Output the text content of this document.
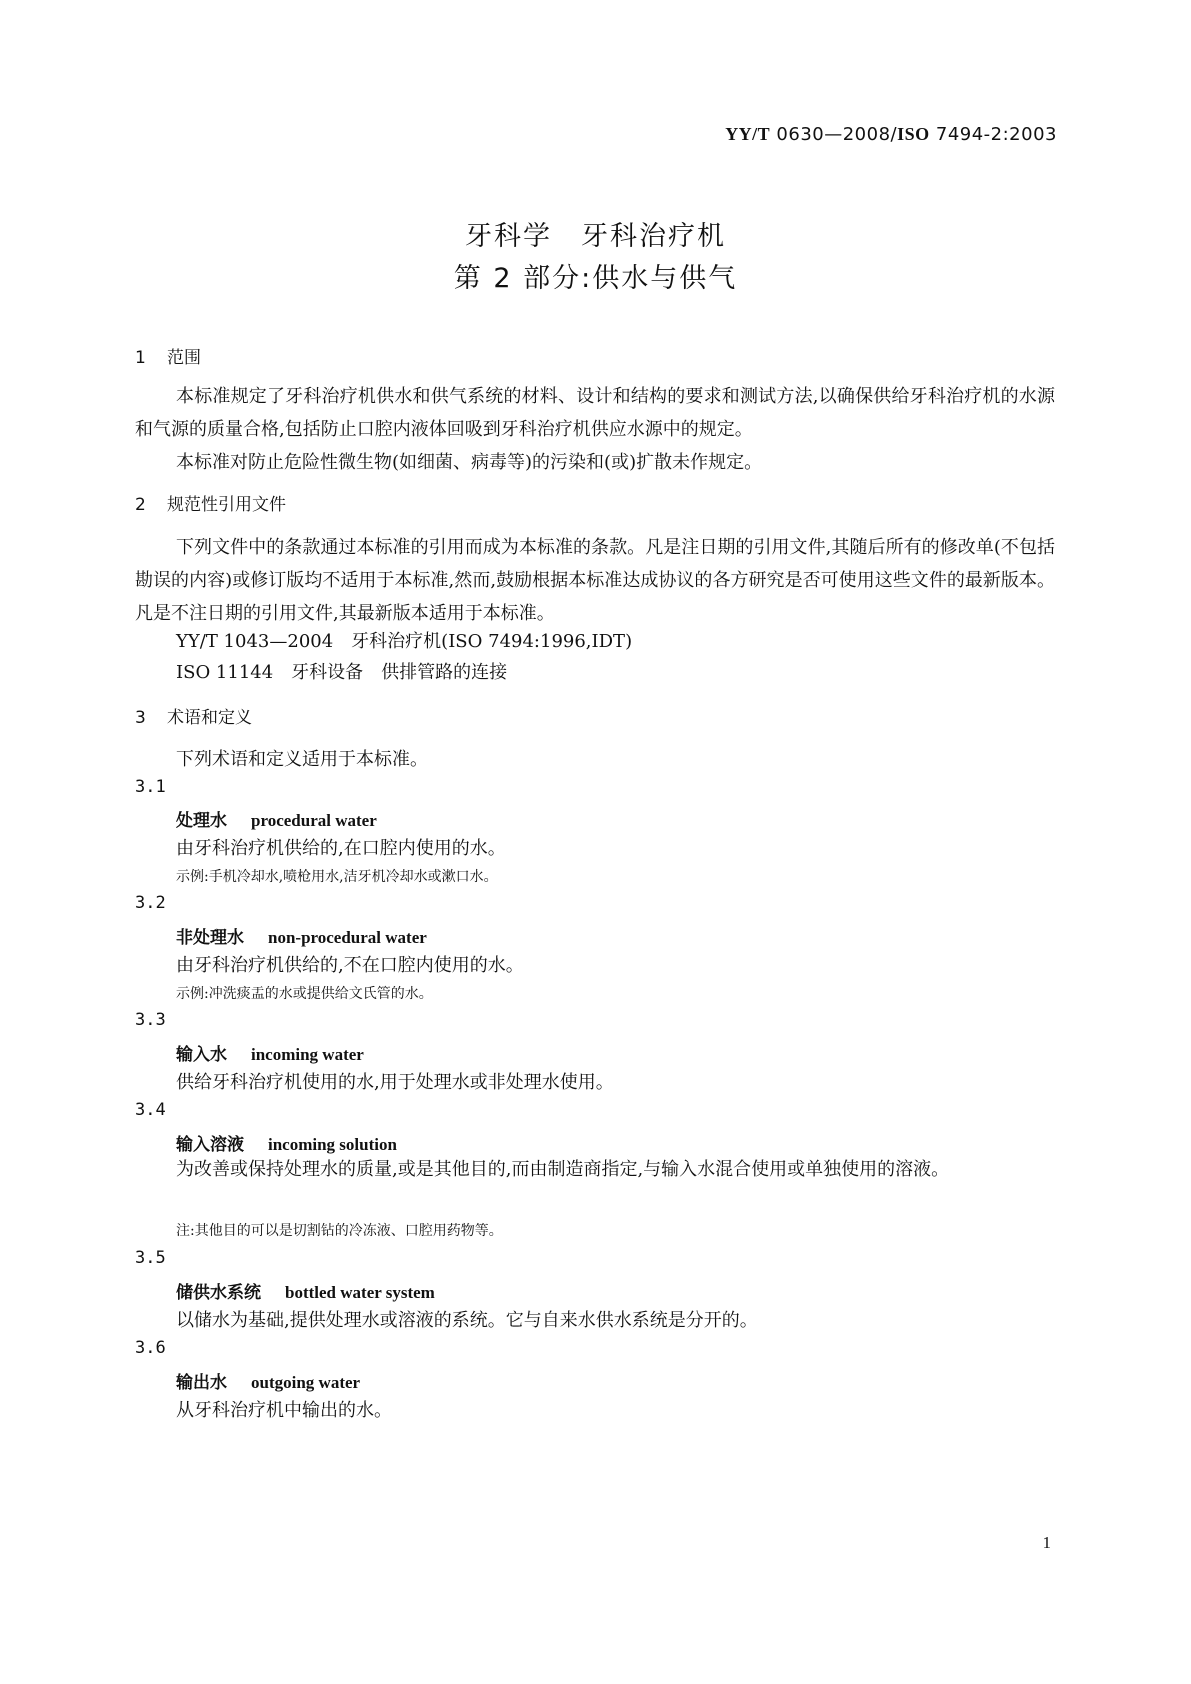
YY/T 0630—2008/ISO 7494-2:2003
牙科学　牙科治疗机
第 2 部分:供水与供气
1 范围
本标准规定了牙科治疗机供水和供气系统的材料、设计和结构的要求和测试方法,以确保供给牙科治疗机的水源和气源的质量合格,包括防止口腔内液体回吸到牙科治疗机供应水源中的规定。
本标准对防止危险性微生物(如细菌、病毒等)的污染和(或)扩散未作规定。
2 规范性引用文件
下列文件中的条款通过本标准的引用而成为本标准的条款。凡是注日期的引用文件,其随后所有的修改单(不包括勘误的内容)或修订版均不适用于本标准,然而,鼓励根据本标准达成协议的各方研究是否可使用这些文件的最新版本。凡是不注日期的引用文件,其最新版本适用于本标准。
YY/T 1043—2004　牙科治疗机(ISO 7494:1996,IDT)
ISO 11144　牙科设备　供排管路的连接
3 术语和定义
下列术语和定义适用于本标准。
3.1
处理水 procedural water
由牙科治疗机供给的,在口腔内使用的水。
示例:手机冷却水,喷枪用水,洁牙机冷却水或漱口水。
3.2
非处理水 non-procedural water
由牙科治疗机供给的,不在口腔内使用的水。
示例:冲洗痰盂的水或提供给文氏管的水。
3.3
输入水 incoming water
供给牙科治疗机使用的水,用于处理水或非处理水使用。
3.4
输入溶液 incoming solution
为改善或保持处理水的质量,或是其他目的,而由制造商指定,与输入水混合使用或单独使用的溶液。
注:其他目的可以是切割钻的冷冻液、口腔用药物等。
3.5
储供水系统 bottled water system
以储水为基础,提供处理水或溶液的系统。它与自来水供水系统是分开的。
3.6
输出水 outgoing water
从牙科治疗机中输出的水。
1
